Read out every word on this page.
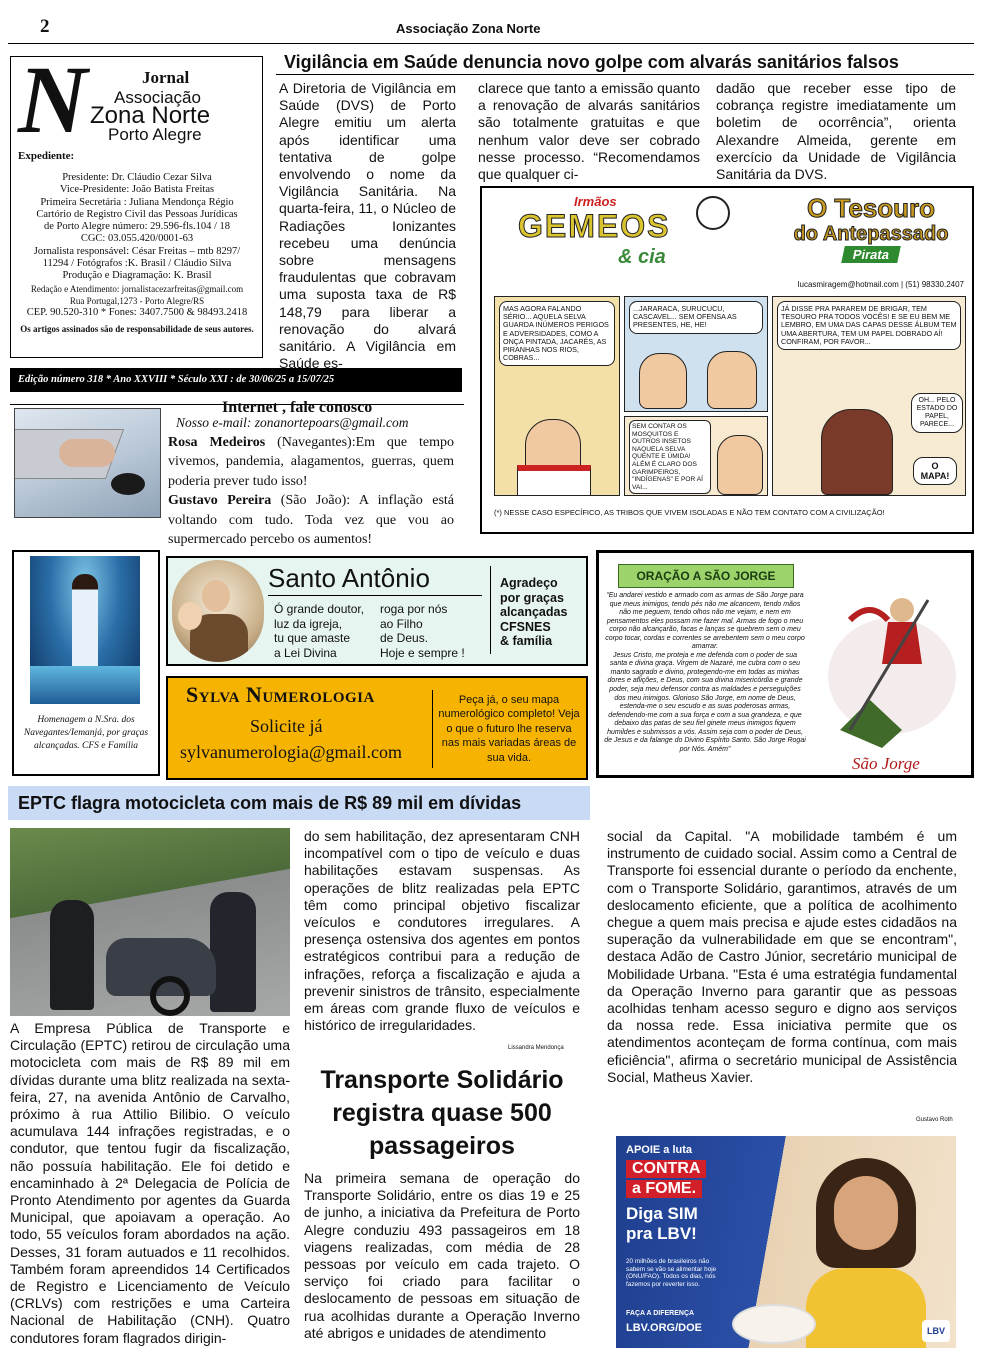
2	Associação Zona Norte
N	Jornal
Associação
Zona Norte
Porto Alegre
Expediente:
Presidente: Dr. Cláudio Cezar Silva
Vice-Presidente: João Batista Freitas
Primeira Secretária : Juliana Mendonça Régio
Cartório de Registro Civil das Pessoas Jurídicas
de Porto Alegre número: 29.596-fls.104 / 18
CGC: 03.055.420/0001-63
Jornalista responsável: César Freitas – mtb 8297/
11294 / Fotógrafos :K. Brasil / Cláudio Silva
Produção e Diagramação: K. Brasil
Redação e Atendimento: jornalistacezarfreitas@gmail.com
Rua Portugal,1273 - Porto Alegre/RS
CEP. 90.520-310 * Fones: 3407.7500 & 98493.2418
Os artigos assinados são de responsabilidade de seus autores.
Edição número 318 * Ano XXVIII * Século XXI : de 30/06/25 a 15/07/25
Vigilância em Saúde denuncia novo golpe com alvarás sanitários falsos
A Diretoria de Vigilância em Saúde (DVS) de Porto Alegre emitiu um alerta após identificar uma tentativa de golpe envolvendo o nome da Vigilância Sanitária. Na quarta-feira, 11, o Núcleo de Radiações Ionizantes recebeu uma denúncia sobre mensagens fraudulentas que cobravam uma suposta taxa de R$ 148,79 para liberar a renovação do alvará sanitário. A Vigilância em Saúde es-
clarece que tanto a emissão quanto a renovação de alvarás sanitários são totalmente gratuitas e que nenhum valor deve ser cobrado nesse processo. “Recomendamos que qualquer ci-
dadão que receber esse tipo de cobrança registre imediatamente um boletim de ocorrência”, orienta Alexandre Almeida, gerente em exercício da Unidade de Vigilância Sanitária da DVS.
Irmãos
GEMEOS
& cia
O Tesouro
do Antepassado
Pirata
lucasmiragem@hotmail.com | (51) 98330.2407
MAS AGORA FALANDO SÉRIO... AQUELA SELVA GUARDA INÚMEROS PERIGOS E ADVERSIDADES, COMO A ONÇA PINTADA, JACARÉS, AS PIRANHAS NOS RIOS, COBRAS...
...JARARACA, SURUCUCU, CASCAVEL... SEM OFENSA AS PRESENTES, HE, HE!
SEM CONTAR OS MOSQUITOS E OUTROS INSETOS NAQUELA SELVA QUENTE E ÚMIDA! ALÉM É CLARO DOS GARIMPEIROS, "INDÍGENAS" E POR AÍ VAI...
JÁ DISSE PRA PARAREM DE BRIGAR, TEM TESOURO PRA TODOS VOCÊS! E SE EU BEM ME LEMBRO, EM UMA DAS CAPAS DESSE ÁLBUM TEM UMA ABERTURA, TEM UM PAPEL DOBRADO AÍ! CONFIRAM, POR FAVOR...
OH... PELO ESTADO DO PAPEL, PARECE...
O MAPA!
(*) NESSE CASO ESPECÍFICO, AS TRIBOS QUE VIVEM ISOLADAS E NÃO TEM CONTATO COM A CIVILIZAÇÃO!
Internet , fale conosco
Nosso e-mail: zonanortepoars@gmail.com
Rosa Medeiros (Navegantes):Em que tempo vivemos, pandemia, alagamentos, guerras, quem poderia prever tudo isso!
Gustavo Pereira (São João): A inflação está voltando com tudo. Toda vez que vou ao supermercado percebo os aumentos!
Homenagem a N.Sra. dos Navegantes/Iemanjá, por graças alcançadas. CFS e Família
Santo Antônio
Ó grande doutor,
luz da igreja,
tu que amaste
a Lei Divina
roga por nós
ao Filho
de Deus.
Hoje e sempre !
Agradeço
por graças
alcançadas
CFSNES
& família
Sylva Numerologia
Solicite já
sylvanumerologia@gmail.com
Peça já, o seu mapa numerológico completo! Veja o que o futuro lhe reserva nas mais variadas áreas de sua vida.
ORAÇÃO A SÃO JORGE
“Eu andarei vestido e armado com as armas de São Jorge para que meus inimigos, tendo pés não me alcancem, tendo mãos não me peguem, tendo olhos não me vejam, e nem em pensamentos eles possam me fazer mal. Armas de fogo o meu corpo não alcançarão, facas e lanças se quebrem sem o meu corpo tocar, cordas e correntes se arrebentem sem o meu corpo amarrar.
Jesus Cristo, me proteja e me defenda com o poder de sua santa e divina graça. Virgem de Nazaré, me cubra com o seu manto sagrado e divino, protegendo-me em todas as minhas dores e aflições, e Deus, com sua divina misericórdia e grande poder, seja meu defensor contra as maldades e perseguições dos meu inimigos. Glorioso São Jorge, em nome de Deus, estenda-me o seu escudo e as suas poderosas armas, defendendo-me com a sua força e com a sua grandeza, e que debaixo das patas de seu fiel ginete meus inimigos fiquem humildes e submissos a vós. Assim seja com o poder de Deus, de Jesus e da falange do Divino Espírito Santo. São Jorge Rogai por Nós. Amém”
São Jorge
EPTC flagra motocicleta com mais de R$ 89 mil em dívidas
A Empresa Pública de Transporte e Circulação (EPTC) retirou de circulação uma motocicleta com mais de R$ 89 mil em dívidas durante uma blitz realizada na sexta-feira, 27, na avenida Antônio de Carvalho, próximo à rua Attilio Bilibio. O veículo acumulava 144 infrações registradas, e o condutor, que tentou fugir da fiscalização, não possuía habilitação. Ele foi detido e encaminhado à 2ª Delegacia de Polícia de Pronto Atendimento por agentes da Guarda Municipal, que apoiavam a operação. Ao todo, 55 veículos foram abordados na ação. Desses, 31 foram autuados e 11 recolhidos. Também foram apreendidos 14 Certificados de Registro e Licenciamento de Veículo (CRLVs) com restrições e uma Carteira Nacional de Habilitação (CNH). Quatro condutores foram flagrados dirigin-
do sem habilitação, dez apresentaram CNH incompatível com o tipo de veículo e duas habilitações estavam suspensas. As operações de blitz realizadas pela EPTC têm como principal objetivo fiscalizar veículos e condutores irregulares. A presença ostensiva dos agentes em pontos estratégicos contribui para a redução de infrações, reforça a fiscalização e ajuda a prevenir sinistros de trânsito, especialmente em áreas com grande fluxo de veículos e histórico de irregularidades.
Lissandra Mendonça
Transporte Solidário registra quase 500 passageiros
Na primeira semana de operação do Transporte Solidário, entre os dias 19 e 25 de junho, a iniciativa da Prefeitura de Porto Alegre conduziu 493 passageiros em 18 viagens realizadas, com média de 28 pessoas por veículo em cada trajeto. O serviço foi criado para facilitar o deslocamento de pessoas em situação de rua acolhidas durante a Operação Inverno até abrigos e unidades de atendimento
social da Capital. "A mobilidade também é um instrumento de cuidado social. Assim como a Central de Transporte foi essencial durante o período da enchente, com o Transporte Solidário, garantimos, através de um deslocamento eficiente, que a política de acolhimento chegue a quem mais precisa e ajude estes cidadãos na superação da vulnerabilidade em que se encontram", destaca Adão de Castro Júnior, secretário municipal de Mobilidade Urbana. "Esta é uma estratégia fundamental da Operação Inverno para garantir que as pessoas acolhidas tenham acesso seguro e digno aos serviços da nossa rede. Essa iniciativa permite que os atendimentos aconteçam de forma contínua, com mais eficiência", afirma o secretário municipal de Assistência Social, Matheus Xavier.
Gustavo Roth
APOIE a luta
CONTRA
a FOME.
Diga SIM
pra LBV!
20 milhões de brasileiros não sabem se vão se alimentar hoje (ONU/FAO). Todos os dias, nós fazemos por reverter isso.
FAÇA A DIFERENÇA
LBV.ORG/DOE	LBV
